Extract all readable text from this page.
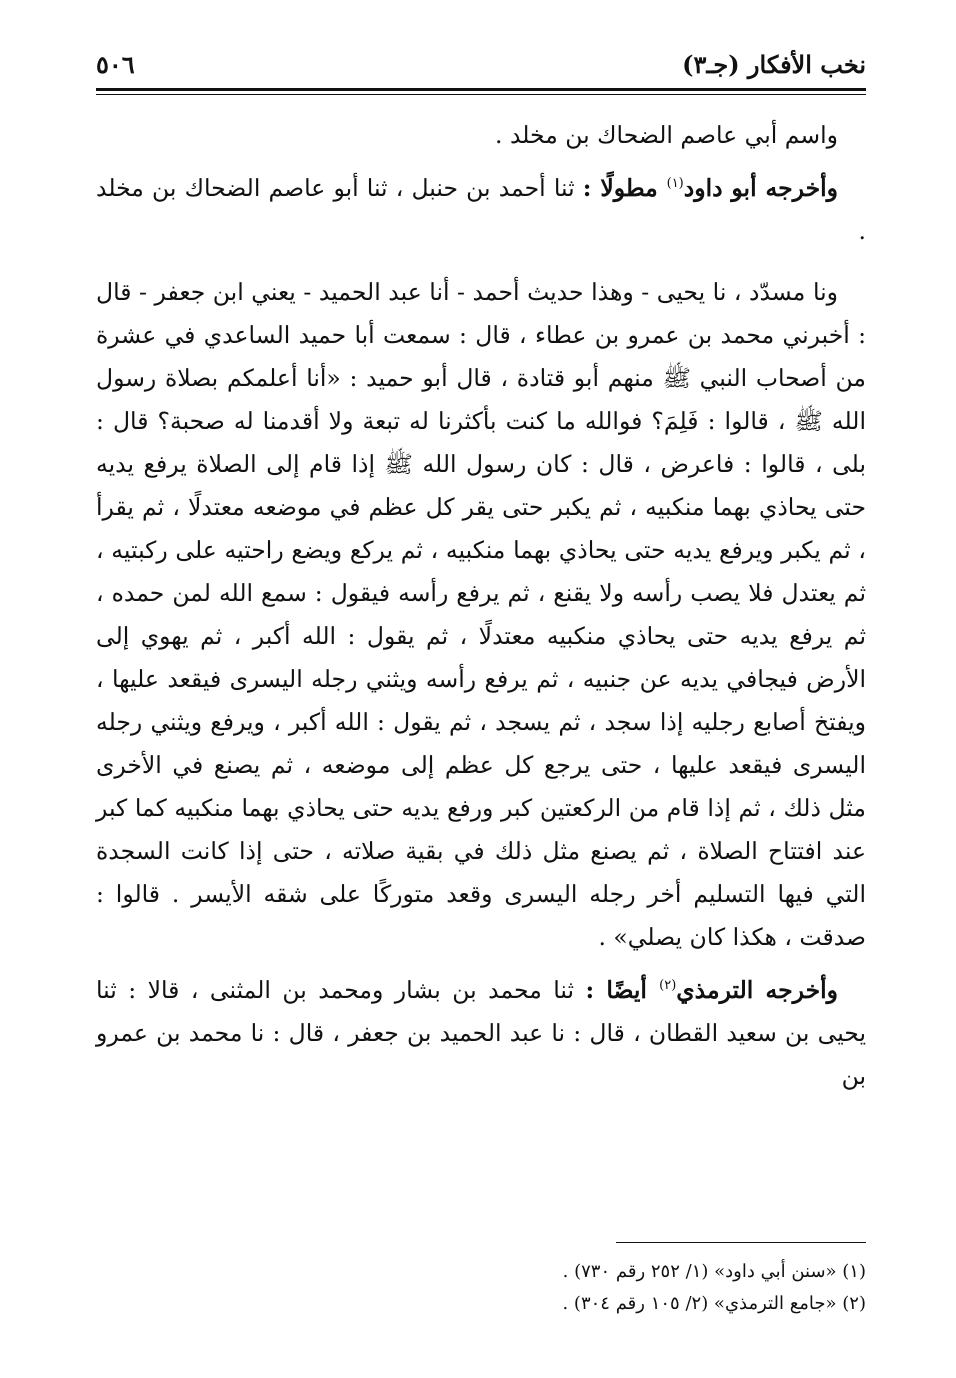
نخب الأفكار (جـ٣)
٥٠٦

واسم أبي عاصم الضحاك بن مخلد .

وأخرجه أبو داود$^{(١)}$ مطولًا : ثنا أحمد بن حنبل ، ثنا أبو عاصم الضحاك بن مخلد .

ونا مسدّد ، نا يحيى - وهذا حديث أحمد - أنا عبد الحميد - يعني ابن جعفر - قال : أخبرني محمد بن عمرو بن عطاء ، قال : سمعت أبا حميد الساعدي في عشرة من أصحاب النبي ﷺ منهم أبو قتادة ، قال أبو حميد : «أنا أعلمكم بصلاة رسول الله ﷺ ، قالوا : فَلِمَ؟ فوالله ما كنت بأكثرنا له تبعة ولا أقدمنا له صحبة؟ قال : بلى ، قالوا : فاعرض ، قال : كان رسول الله ﷺ إذا قام إلى الصلاة يرفع يديه حتى يحاذي بهما منكبيه ، ثم يكبر حتى يقر كل عظم في موضعه معتدلًا ، ثم يقرأ ، ثم يكبر ويرفع يديه حتى يحاذي بهما منكبيه ، ثم يركع ويضع راحتيه على ركبتيه ، ثم يعتدل فلا يصب رأسه ولا يقنع ، ثم يرفع رأسه فيقول : سمع الله لمن حمده ، ثم يرفع يديه حتى يحاذي منكبيه معتدلًا ، ثم يقول : الله أكبر ، ثم يهوي إلى الأرض فيجافي يديه عن جنبيه ، ثم يرفع رأسه ويثني رجله اليسرى فيقعد عليها ، ويفتخ أصابع رجليه إذا سجد ، ثم يسجد ، ثم يقول : الله أكبر ، ويرفع ويثني رجله اليسرى فيقعد عليها ، حتى يرجع كل عظم إلى موضعه ، ثم يصنع في الأخرى مثل ذلك ، ثم إذا قام من الركعتين كبر ورفع يديه حتى يحاذي بهما منكبيه كما كبر عند افتتاح الصلاة ، ثم يصنع مثل ذلك في بقية صلاته ، حتى إذا كانت السجدة التي فيها التسليم أخر رجله اليسرى وقعد متوركًا على شقه الأيسر . قالوا : صدقت ، هكذا كان يصلي» .

وأخرجه الترمذي$^{(٢)}$ أيضًا : ثنا محمد بن بشار ومحمد بن المثنى ، قالا : ثنا يحيى بن سعيد القطان ، قال : نا عبد الحميد بن جعفر ، قال : نا محمد بن عمرو بن

(١) «سنن أبي داود» (١/ ٢٥٢ رقم ٧٣٠) .

(٢) «جامع الترمذي» (٢/ ١٠٥ رقم ٣٠٤) .
